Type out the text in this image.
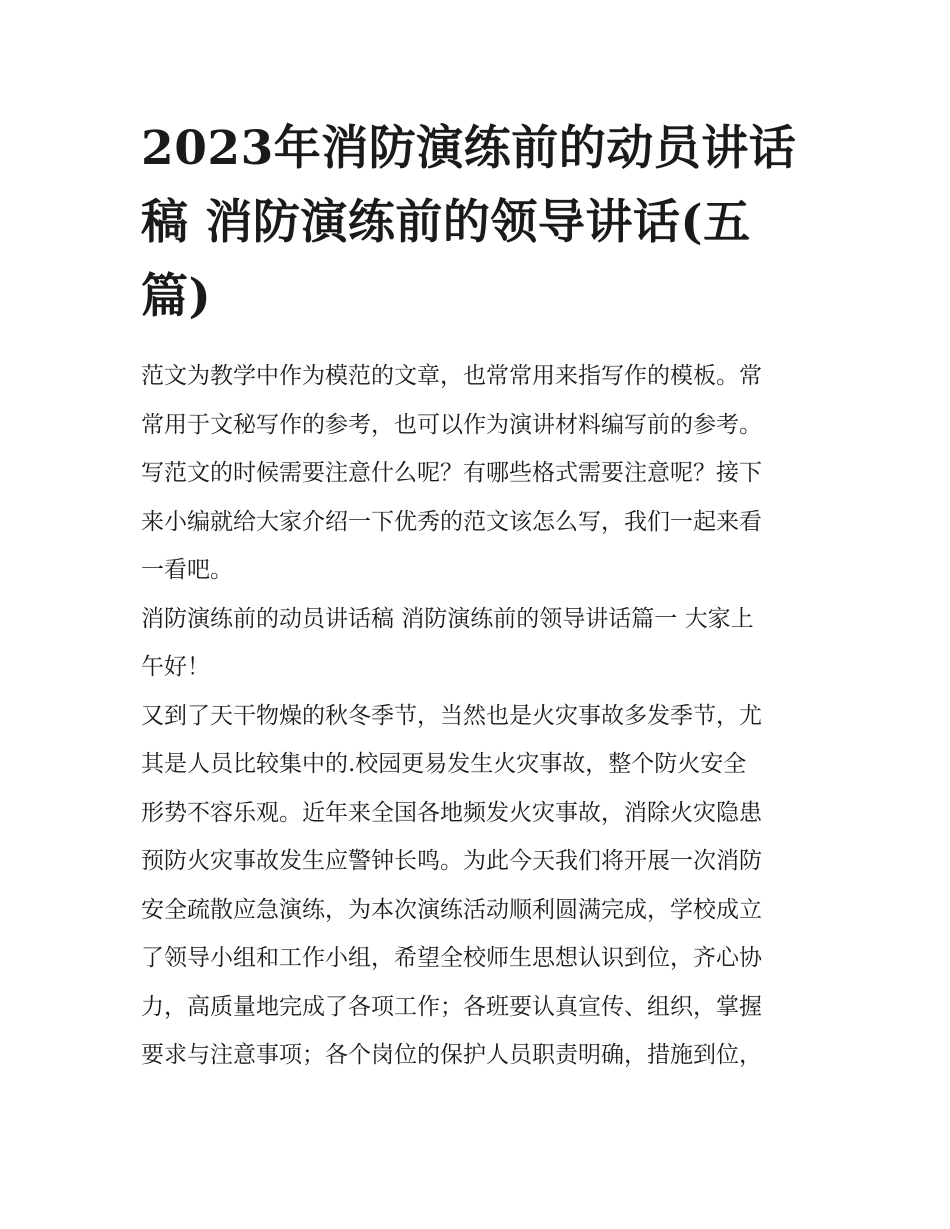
2023年消防演练前的动员讲话
稿 消防演练前的领导讲话(五
篇)

范文为教学中作为模范的文章，也常常用来指写作的模板。常
常用于文秘写作的参考，也可以作为演讲材料编写前的参考。
写范文的时候需要注意什么呢？有哪些格式需要注意呢？接下
来小编就给大家介绍一下优秀的范文该怎么写，我们一起来看
一看吧。

消防演练前的动员讲话稿 消防演练前的领导讲话篇一 大家上
午好！

又到了天干物燥的秋冬季节，当然也是火灾事故多发季节，尤
其是人员比较集中的.校园更易发生火灾事故，整个防火安全
形势不容乐观。近年来全国各地频发火灾事故，消除火灾隐患
预防火灾事故发生应警钟长鸣。为此今天我们将开展一次消防
安全疏散应急演练，为本次演练活动顺利圆满完成，学校成立
了领导小组和工作小组，希望全校师生思想认识到位，齐心协
力，高质量地完成了各项工作；各班要认真宣传、组织，掌握
要求与注意事项；各个岗位的保护人员职责明确，措施到位，
